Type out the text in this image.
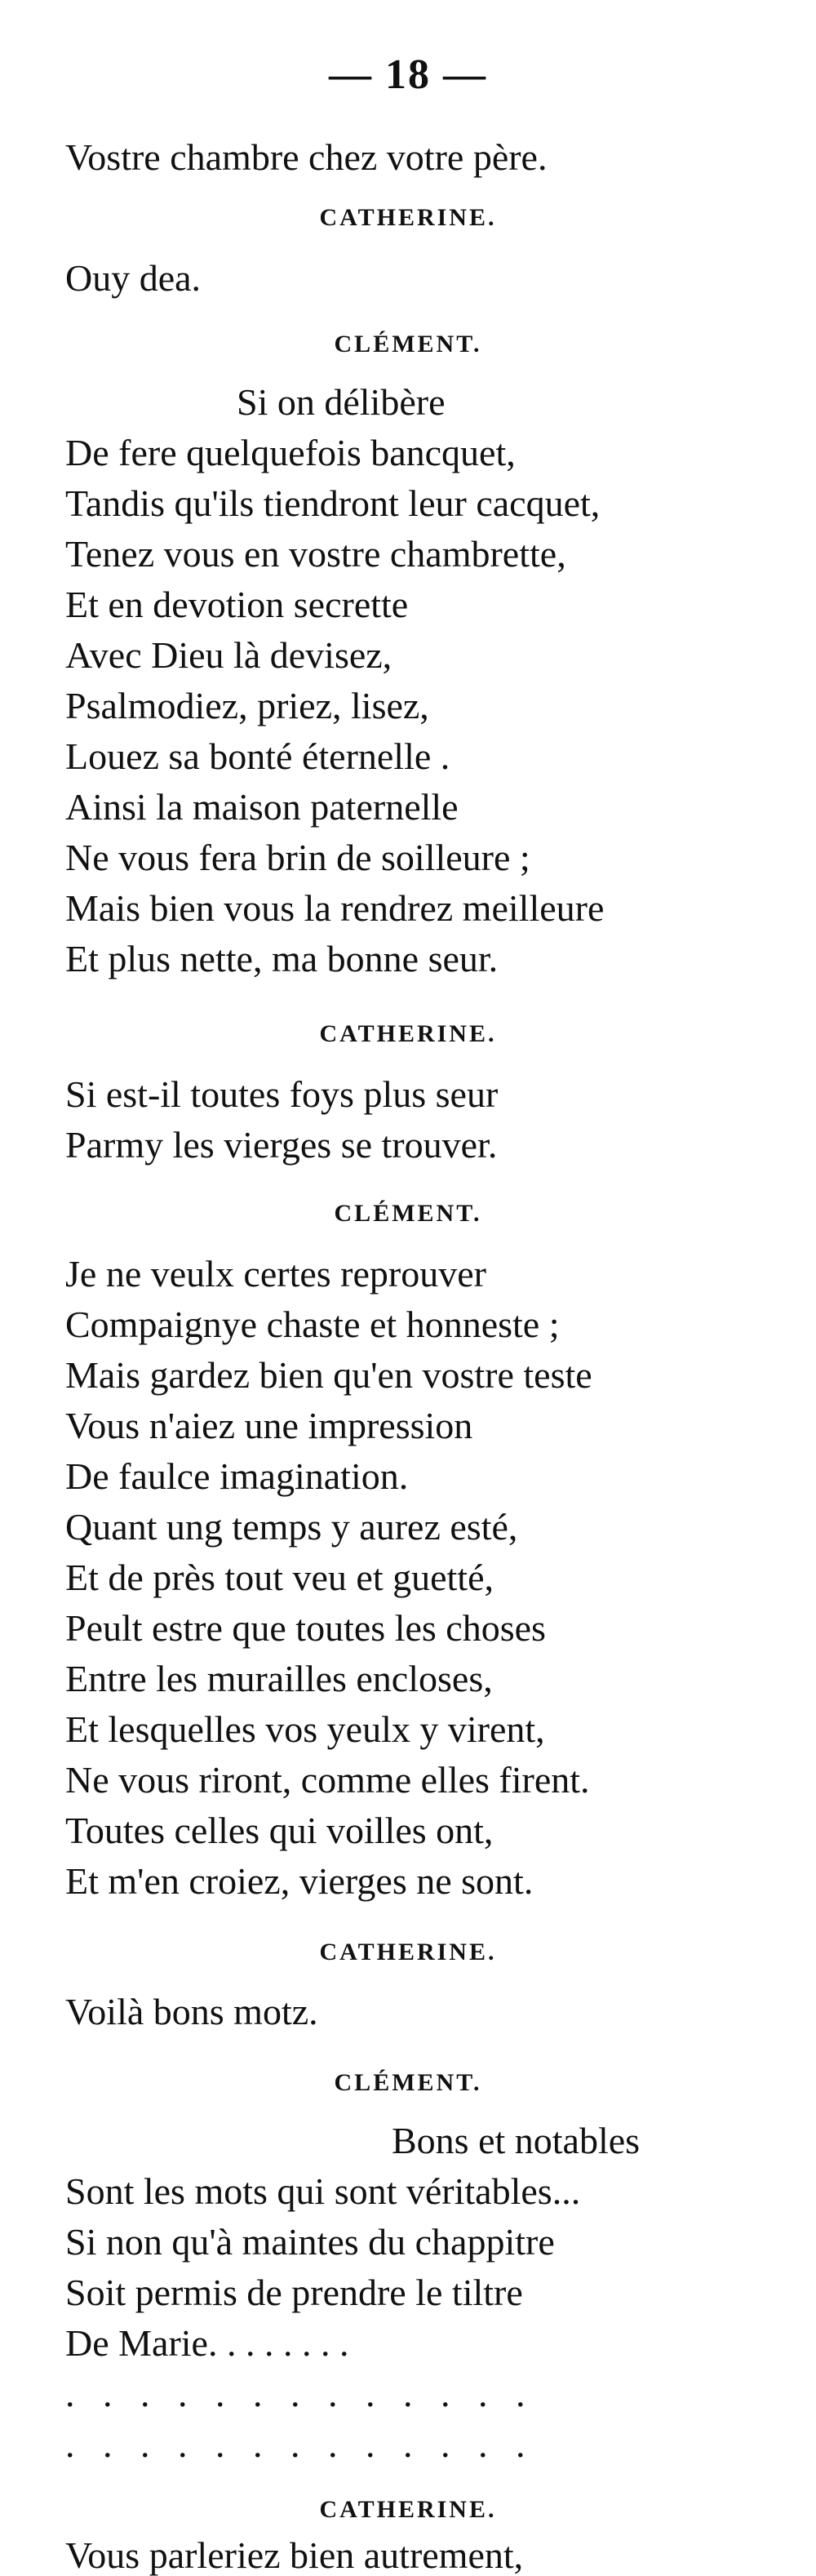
— 18 —
Vostre chambre chez votre père.
CATHERINE.
Ouy dea.
CLÉMENT.
Si on délibère
De fere quelquefois bancquet,
Tandis qu'ils tiendront leur cacquet,
Tenez vous en vostre chambrette,
Et en devotion secrette
Avec Dieu là devisez,
Psalmodiez, priez, lisez,
Louez sa bonté éternelle .
Ainsi la maison paternelle
Ne vous fera brin de soilleure ;
Mais bien vous la rendrez meilleure
Et plus nette, ma bonne seur.
CATHERINE.
Si est-il toutes foys plus seur
Parmy les vierges se trouver.
CLÉMENT.
Je ne veulx certes reprouver
Compaignye chaste et honneste ;
Mais gardez bien qu'en vostre teste
Vous n'aiez une impression
De faulce imagination.
Quant ung temps y aurez esté,
Et de près tout veu et guetté,
Peult estre que toutes les choses
Entre les murailles encloses,
Et lesquelles vos yeulx y virent,
Ne vous riront, comme elles firent.
Toutes celles qui voilles ont,
Et m'en croiez, vierges ne sont.
CATHERINE.
Voilà bons motz.
CLÉMENT.
Bons et notables
Sont les mots qui sont véritables...
Si non qu'à maintes du chappitre
Soit permis de prendre le tiltre
De Marie. . . . . . . .
.   .   .   .   .   .   .   .   .   .   .   .   .
.   .   .   .   .   .   .   .   .   .   .   .   .
CATHERINE.
Vous parleriez bien autrement,
